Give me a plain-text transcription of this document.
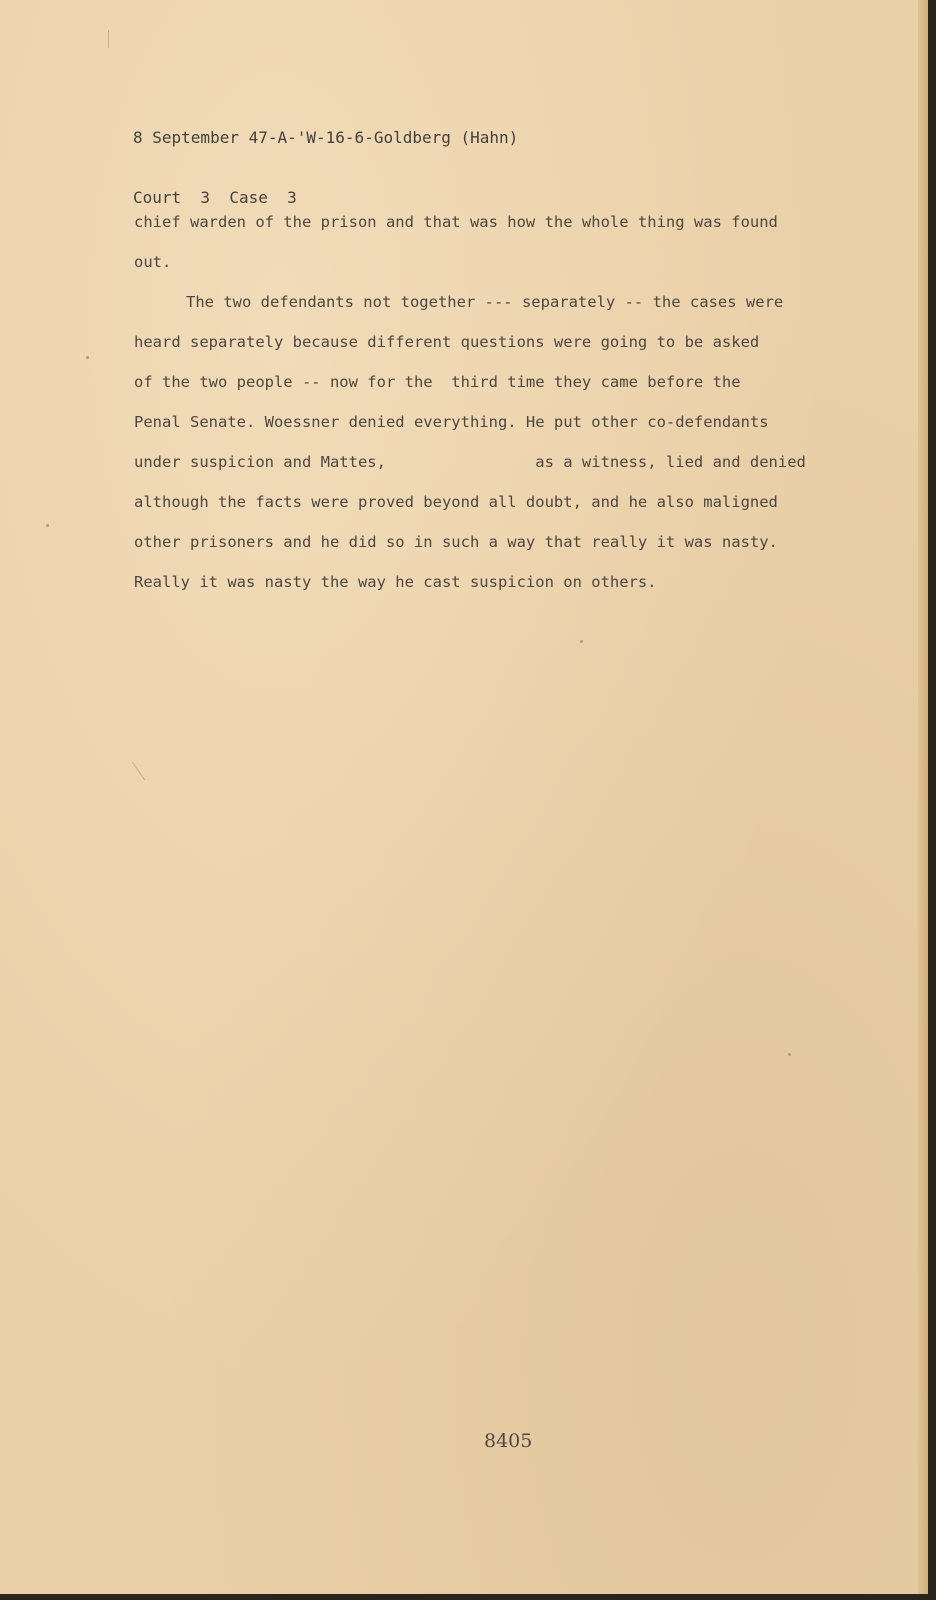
8 September 47-A-'W-16-6-Goldberg (Hahn)

Court  3  Case  3

chief warden of the prison and that was how the whole thing was found
out.
The two defendants not together --- separately -- the cases were
heard separately because different questions were going to be asked
of the two people -- now for the  third time they came before the
Penal Senate. Woessner denied everything. He put other co-defendants
under suspicion and Mattes,                as a witness, lied and denied
although the facts were proved beyond all doubt, and he also maligned
other prisoners and he did so in such a way that really it was nasty.
Really it was nasty the way he cast suspicion on others.
8405
